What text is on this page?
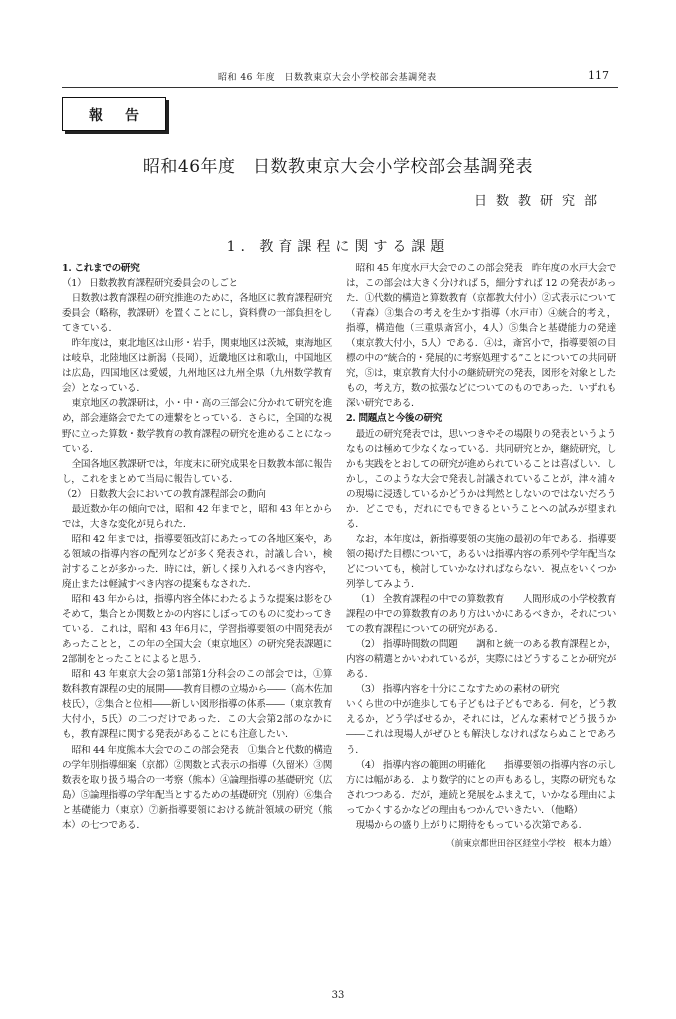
昭和 46 年度　日数教東京大会小学校部会基調発表	117
報告
昭和46年度　日数教東京大会小学校部会基調発表
日数教研究部
1. 教育課程に関する課題

1. これまでの研究

（1） 日数教教育課程研究委員会のしごと

日数教は教育課程の研究推進のために，各地区に教育課程研究委員会（略称，教課研）を置くことにし，資料費の一部負担をしてきている．

昨年度は，東北地区は山形・岩手，関東地区は茨城，東海地区は岐阜，北陸地区は新潟（長岡），近畿地区は和歌山，中国地区は広島，四国地区は愛媛，九州地区は九州全県（九州数学教育会）となっている．

東京地区の教課研は，小・中・高の三部会に分かれて研究を進め，部会連絡会でたての連繋をとっている．さらに，全国的な視野に立った算数・数学教育の教育課程の研究を進めることになっている．

全国各地区教課研では，年度末に研究成果を日数教本部に報告し，これをまとめて当局に報告している．

（2） 日数教大会においての教育課程部会の動向

最近数か年の傾向では，昭和 42 年までと，昭和 43 年とからでは，大きな変化が見られた．

昭和 42 年までは，指導要領改訂にあたっての各地区案や，ある領域の指導内容の配列などが多く発表され，討議し合い，検討することが多かった．時には，新しく採り入れるべき内容や，廃止または軽減すべき内容の提案もなされた．

昭和 43 年からは，指導内容全体にわたるような提案は影をひそめて，集合とか関数とかの内容にしぼってのものに変わってきている．これは，昭和 43 年6月に，学習指導要領の中間発表があったことと，この年の全国大会（東京地区）の研究発表課題に2部制をとったことによると思う．

昭和 43 年東京大会の第1部第1分科会のこの部会では，①算数科教育課程の史的展開――教育目標の立場から――（高木佐加枝氏），②集合と位相――新しい図形指導の体系――（東京教育大付小，5氏）の二つだけであった．この大会第2部のなかにも，教育課程に関する発表があることにも注意したい．

昭和 44 年度熊本大会でのこの部会発表　①集合と代数的構造の学年別指導細案（京都）②関数と式表示の指導（久留米）③関数表を取り扱う場合の一考察（熊本）④論理指導の基礎研究（広島）⑤論理指導の学年配当とするための基礎研究（別府）⑥集合と基礎能力（東京）⑦新指導要領における統計領域の研究（熊本）の七つである．

昭和 45 年度水戸大会でのこの部会発表　昨年度の水戸大会では，この部会は大きく分ければ 5，細分すれば 12 の発表があった．①代数的構造と算数教育（京都教大付小）②式表示について（青森）③集合の考えを生かす指導（水戸市）④統合的考え，指導，構造他（三重県斎宮小，4人）⑤集合と基礎能力の発達（東京教大付小，5人）である．④は，斎宮小で，指導要領の目標の中の“統合的・発展的に考察処理する”ことについての共同研究，⑤は，東京教育大付小の継続研究の発表，図形を対象としたもの，考え方，数の拡張などについてのものであった．いずれも深い研究である．

2. 問題点と今後の研究

最近の研究発表では，思いつきやその場限りの発表というようなものは極めて少なくなっている．共同研究とか，継続研究，しかも実践をとおしての研究が進められていることは喜ばしい．しかし，このような大会で発表し討議されていることが，津々浦々の現場に浸透しているかどうかは判然としないのではないだろうか．どこでも，だれにでもできるということへの試みが望まれる．

なお，本年度は，新指導要領の実施の最初の年である．指導要領の掲げた目標について，あるいは指導内容の系列や学年配当などについても，検討していかなければならない．視点をいくつか列挙してみよう．

（1） 全教育課程の中での算数教育　　人間形成の小学校教育課程の中での算数教育のあり方はいかにあるべきか，それについての教育課程についての研究がある．

（2） 指導時間数の問題　　調和と統一のある教育課程とか，内容の精選とかいわれているが，実際にはどうすることか研究がある．

（3） 指導内容を十分にこなすための素材の研究

いくら世の中が進歩しても子どもは子どもである．何を，どう教えるか，どう学ばせるか，それには，どんな素材でどう扱うか――これは現場人がぜひとも解決しなければならぬことであろう．

（4） 指導内容の範囲の明確化　　指導要領の指導内容の示し方には幅がある．より数学的にとの声もあるし，実際の研究もなされつつある．だが，連続と発展をふまえて，いかなる理由によってかくするかなどの理由もつかんでいきたい．（他略）

現場からの盛り上がりに期待をもっている次第である．

（前東京都世田谷区経堂小学校　根本力雄）

33
